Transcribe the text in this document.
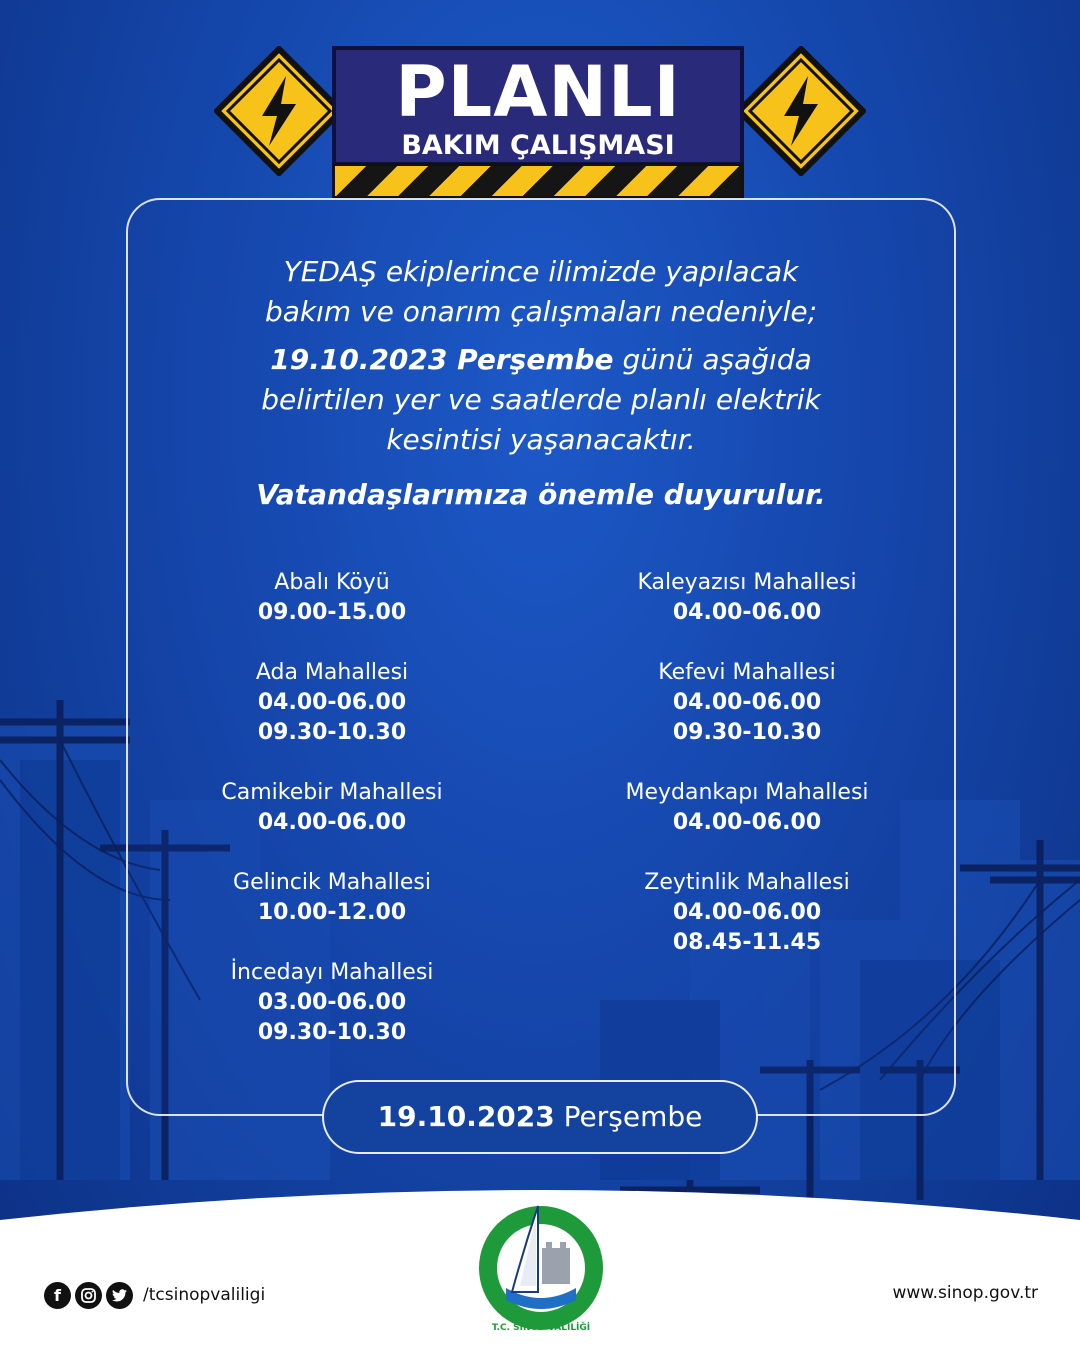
PLANLI
BAKIM ÇALIŞMASI
YEDAŞ ekiplerince ilimizde yapılacak
bakım ve onarım çalışmaları nedeniyle;
19.10.2023 Perşembe günü aşağıda
belirtilen yer ve saatlerde planlı elektrik
kesintisi yaşanacaktır.
Vatandaşlarımıza önemle duyurulur.
Abalı Köyü
09.00-15.00
Ada Mahallesi
04.00-06.00
09.30-10.30
Camikebir Mahallesi
04.00-06.00
Gelincik Mahallesi
10.00-12.00
İncedayı Mahallesi
03.00-06.00
09.30-10.30
Kaleyazısı Mahallesi
04.00-06.00
Kefevi Mahallesi
04.00-06.00
09.30-10.30
Meydankapı Mahallesi
04.00-06.00
Zeytinlik Mahallesi
04.00-06.00
08.45-11.45
19.10.2023 Perşembe
f	/tcsinopvaliligi	www.sinop.gov.tr
T.C. SİNOP VALİLİĞİ
